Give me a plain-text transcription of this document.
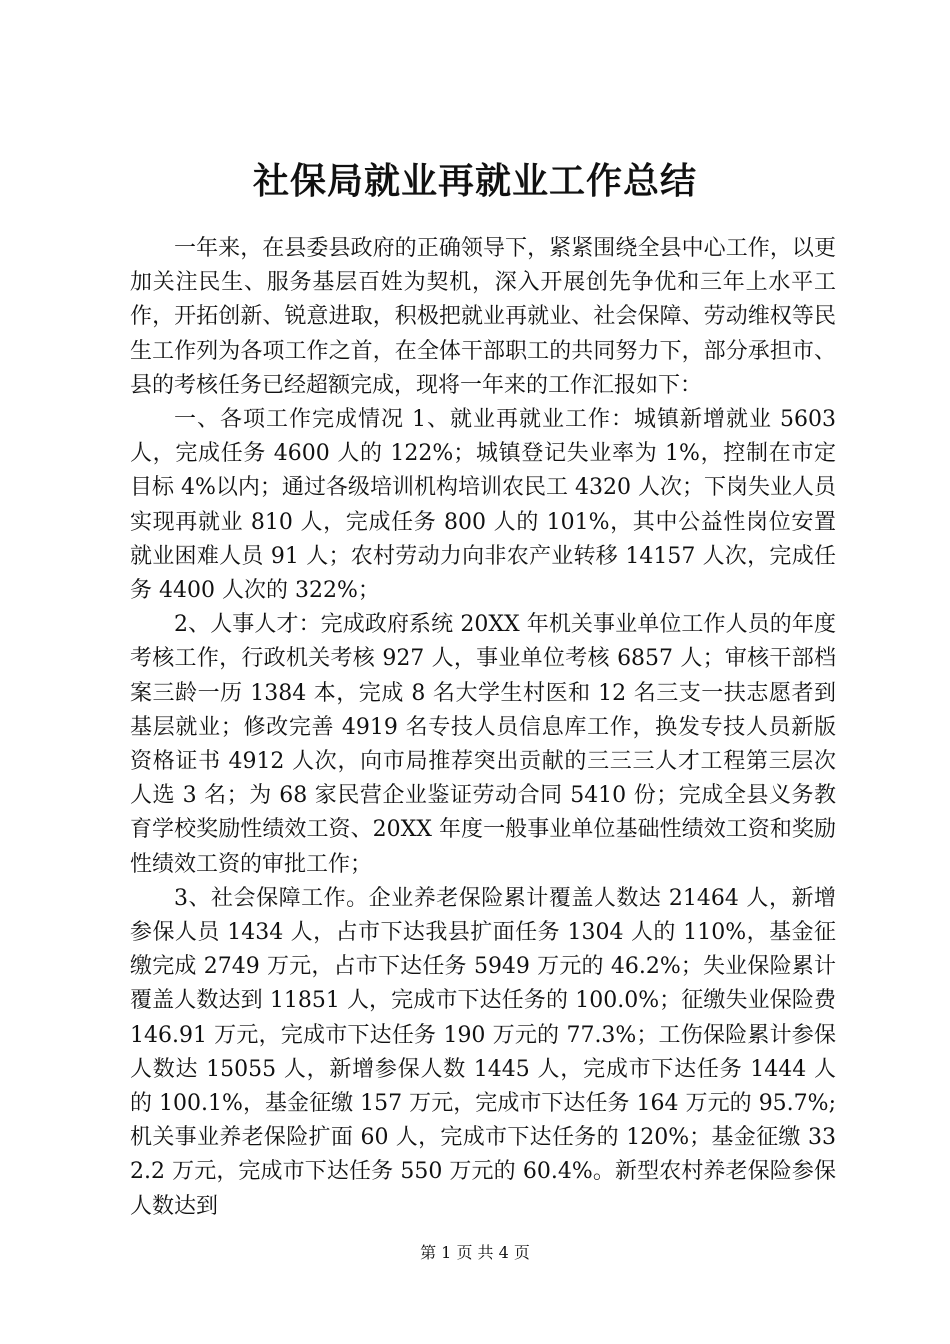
社保局就业再就业工作总结

一年来，在县委县政府的正确领导下，紧紧围绕全县中心工作，以更加关注民生、服务基层百姓为契机，深入开展创先争优和三年上水平工作，开拓创新、锐意进取，积极把就业再就业、社会保障、劳动维权等民生工作列为各项工作之首，在全体干部职工的共同努力下，部分承担市、县的考核任务已经超额完成，现将一年来的工作汇报如下：

一、各项工作完成情况 1、就业再就业工作：城镇新增就业 5603 人，完成任务 4600 人的 122%；城镇登记失业率为 1%，控制在市定目标 4%以内；通过各级培训机构培训农民工 4320 人次；下岗失业人员实现再就业 810 人，完成任务 800 人的 101%，其中公益性岗位安置就业困难人员 91 人；农村劳动力向非农产业转移 14157 人次，完成任务 4400 人次的 322%；

2、人事人才：完成政府系统 20XX 年机关事业单位工作人员的年度考核工作，行政机关考核 927 人，事业单位考核 6857 人；审核干部档案三龄一历 1384 本，完成 8 名大学生村医和 12 名三支一扶志愿者到基层就业；修改完善 4919 名专技人员信息库工作，换发专技人员新版资格证书 4912 人次，向市局推荐突出贡献的三三三人才工程第三层次人选 3 名；为 68 家民营企业鉴证劳动合同 5410 份；完成全县义务教育学校奖励性绩效工资、20XX 年度一般事业单位基础性绩效工资和奖励性绩效工资的审批工作；

3、社会保障工作。企业养老保险累计覆盖人数达 21464 人，新增参保人员 1434 人，占市下达我县扩面任务 1304 人的 110%，基金征缴完成 2749 万元，占市下达任务 5949 万元的 46.2%；失业保险累计覆盖人数达到 11851 人，完成市下达任务的 100.0%；征缴失业保险费 146.91 万元，完成市下达任务 190 万元的 77.3%；工伤保险累计参保人数达 15055 人，新增参保人数 1445 人，完成市下达任务 1444 人的 100.1%，基金征缴 157 万元，完成市下达任务 164 万元的 95.7%;机关事业养老保险扩面 60 人，完成市下达任务的 120%；基金征缴 332.2 万元，完成市下达任务 550 万元的 60.4%。新型农村养老保险参保人数达到

第 1 页 共 4 页
